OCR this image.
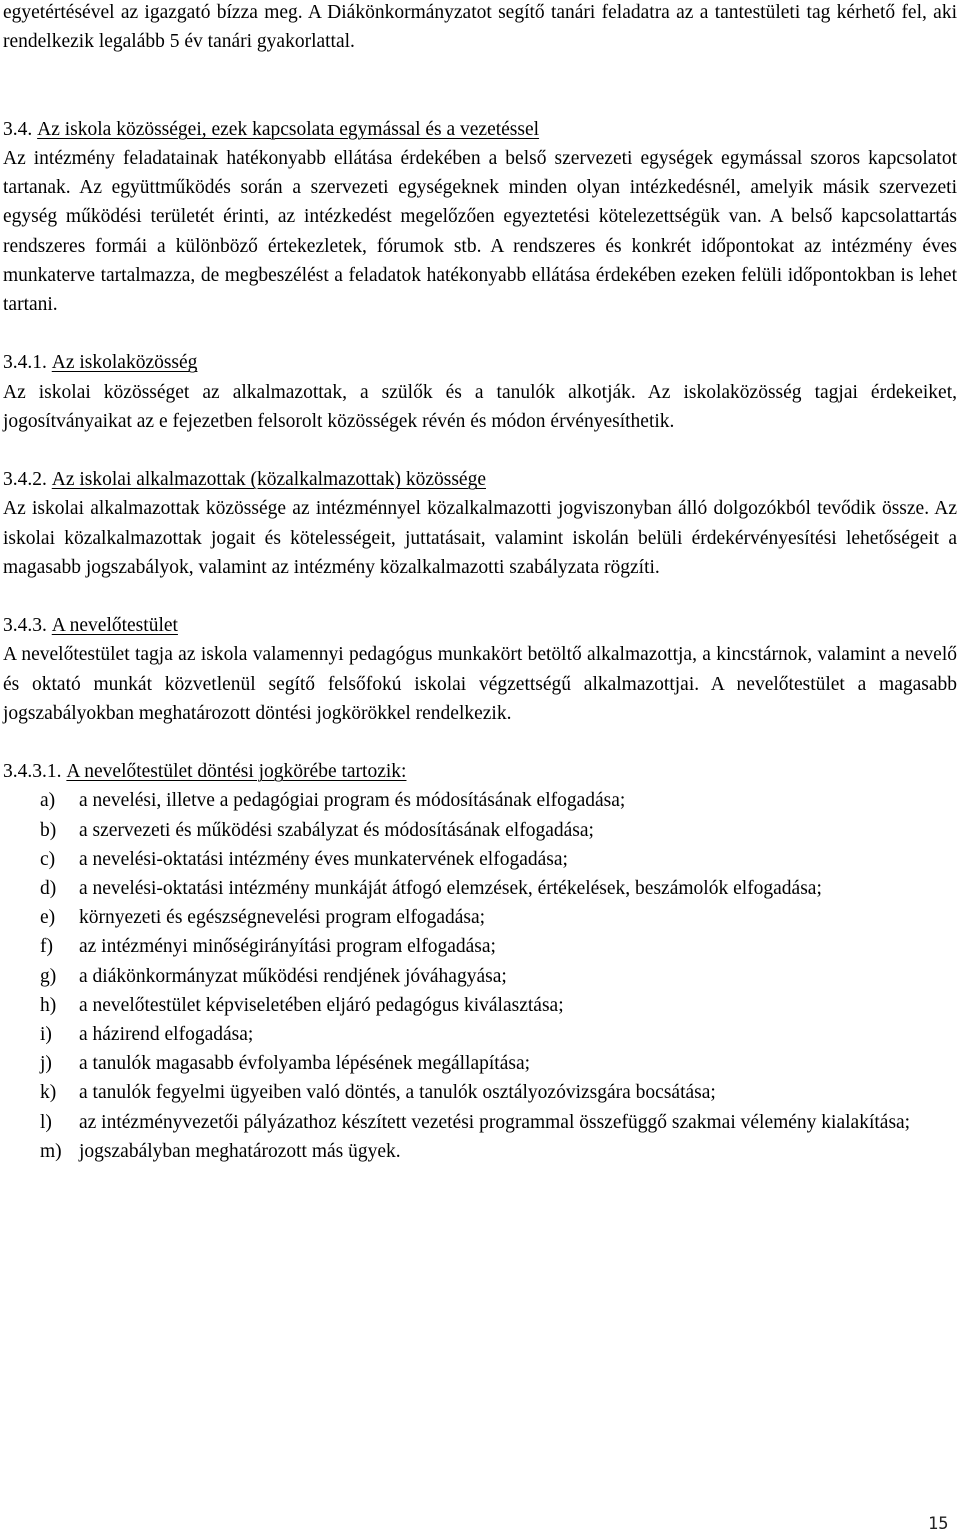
egyetértésével az igazgató bízza meg. A Diákönkormányzatot segítő tanári feladatra az a tantestületi tag kérhető fel, aki rendelkezik legalább 5 év tanári gyakorlattal.

3.4. Az iskola közösségei, ezek kapcsolata egymással és a vezetéssel

Az intézmény feladatainak hatékonyabb ellátása érdekében a belső szervezeti egységek egymással szoros kapcsolatot tartanak. Az együttműködés során a szervezeti egységeknek minden olyan intézkedésnél, amelyik másik szervezeti egység működési területét érinti, az intézkedést megelőzően egyeztetési kötelezettségük van. A belső kapcsolattartás rendszeres formái a különböző értekezletek, fórumok stb. A rendszeres és konkrét időpontokat az intézmény éves munkaterve tartalmazza, de megbeszélést a feladatok hatékonyabb ellátása érdekében ezeken felüli időpontokban is lehet tartani.

3.4.1. Az iskolaközösség

Az iskolai közösséget az alkalmazottak, a szülők és a tanulók alkotják. Az iskolaközösség tagjai érdekeiket, jogosítványaikat az e fejezetben felsorolt közösségek révén és módon érvényesíthetik.

3.4.2. Az iskolai alkalmazottak (közalkalmazottak) közössége

Az iskolai alkalmazottak közössége az intézménnyel közalkalmazotti jogviszonyban álló dolgozókból tevődik össze. Az iskolai közalkalmazottak jogait és kötelességeit, juttatásait, valamint iskolán belüli érdekérvényesítési lehetőségeit a magasabb jogszabályok, valamint az intézmény közalkalmazotti szabályzata rögzíti.

3.4.3. A nevelőtestület

A nevelőtestület tagja az iskola valamennyi pedagógus munkakört betöltő alkalmazottja, a kincstárnok, valamint a nevelő és oktató munkát közvetlenül segítő felsőfokú iskolai végzettségű alkalmazottjai. A nevelőtestület a magasabb jogszabályokban meghatározott döntési jogkörökkel rendelkezik.

3.4.3.1. A nevelőtestület döntési jogkörébe tartozik:
a) a nevelési, illetve a pedagógiai program és módosításának elfogadása;
b) a szervezeti és működési szabályzat és módosításának elfogadása;
c) a nevelési-oktatási intézmény éves munkatervének elfogadása;
d) a nevelési-oktatási intézmény munkáját átfogó elemzések, értékelések, beszámolók elfogadása;
e) környezeti és egészségnevelési program elfogadása;
f) az intézményi minőségirányítási program elfogadása;
g) a diákönkormányzat működési rendjének jóváhagyása;
h) a nevelőtestület képviseletében eljáró pedagógus kiválasztása;
i) a házirend elfogadása;
j) a tanulók magasabb évfolyamba lépésének megállapítása;
k) a tanulók fegyelmi ügyeiben való döntés, a tanulók osztályozóvizsgára bocsátása;
l) az intézményvezetői pályázathoz készített vezetési programmal összefüggő szakmai vélemény kialakítása;
m) jogszabályban meghatározott más ügyek.
15
